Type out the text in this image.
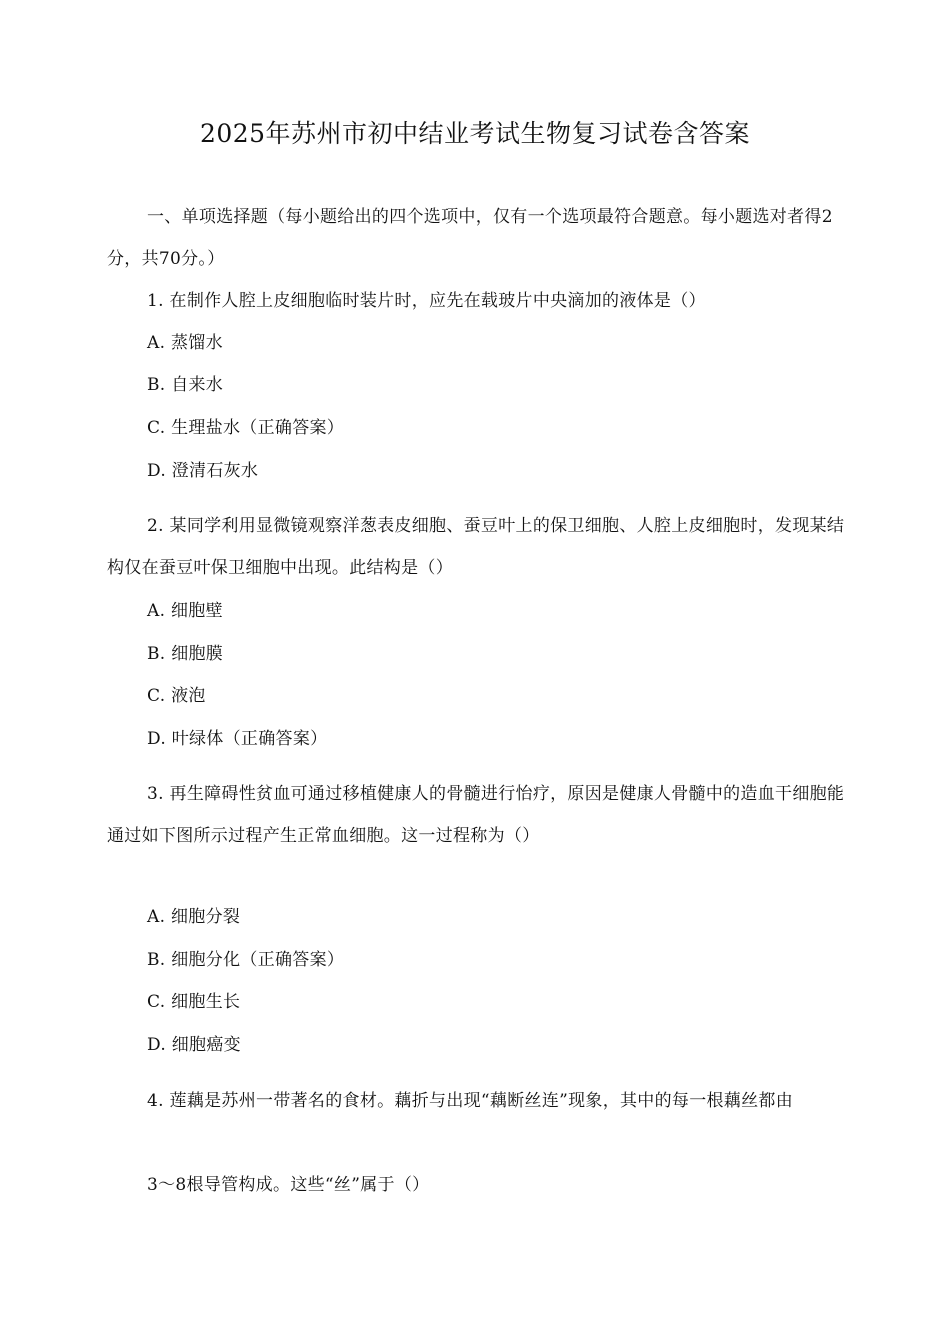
2025年苏州市初中结业考试生物复习试卷含答案
一、单项选择题（每小题给出的四个选项中，仅有一个选项最符合题意。每小题选对者得2分，共70分。）
1. 在制作人腔上皮细胞临时装片时，应先在载玻片中央滴加的液体是（）
A. 蒸馏水
B. 自来水
C. 生理盐水（正确答案）
D. 澄清石灰水
2. 某同学利用显微镜观察洋葱表皮细胞、蚕豆叶上的保卫细胞、人腔上皮细胞时，发现某结构仅在蚕豆叶保卫细胞中出现。此结构是（）
A. 细胞壁
B. 细胞膜
C. 液泡
D. 叶绿体（正确答案）
3. 再生障碍性贫血可通过移植健康人的骨髓进行怡疗，原因是健康人骨髓中的造血干细胞能通过如下图所示过程产生正常血细胞。这一过程称为（）
A. 细胞分裂
B. 细胞分化（正确答案）
C. 细胞生长
D. 细胞癌变
4. 莲藕是苏州一带著名的食材。藕折与出现“藕断丝连”现象，其中的每一根藕丝都由
3〜8根导管构成。这些“丝”属于（）
